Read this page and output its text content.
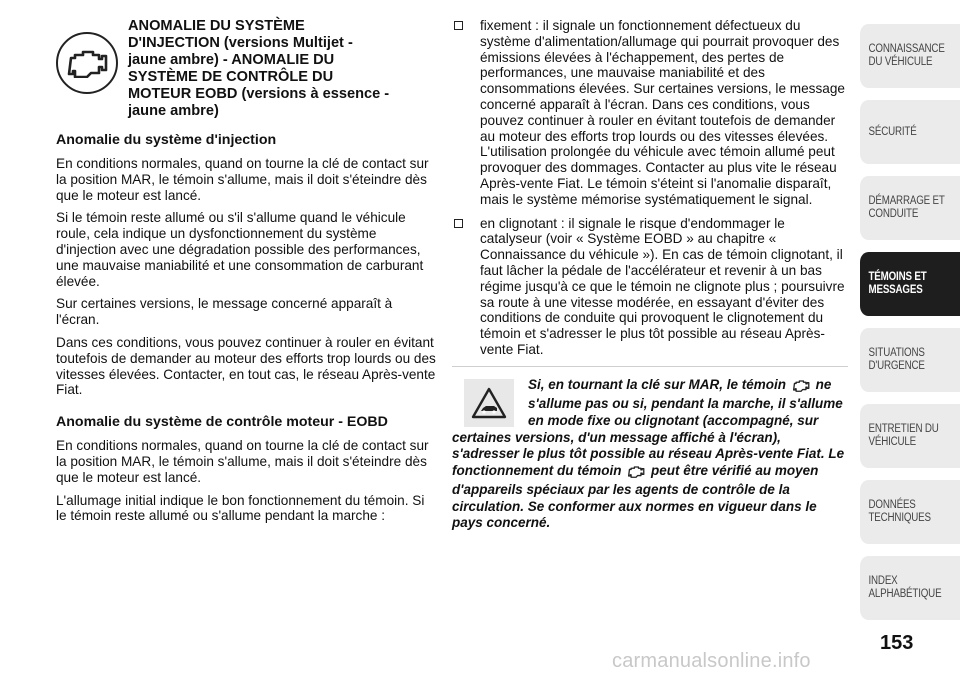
ANOMALIE DU SYSTÈME
D'INJECTION (versions Multijet -
jaune ambre) - ANOMALIE DU
SYSTÈME DE CONTRÔLE DU
MOTEUR EOBD (versions à essence -
jaune ambre)

Anomalie du système d'injection

En conditions normales, quand on tourne la clé de contact sur la position MAR, le témoin s'allume, mais il doit s'éteindre dès que le moteur est lancé.

Si le témoin reste allumé ou s'il s'allume quand le véhicule roule, cela indique un dysfonctionnement du système d'injection avec une dégradation possible des performances, une mauvaise maniabilité et une consommation de carburant élevée.

Sur certaines versions, le message concerné apparaît à l'écran.

Dans ces conditions, vous pouvez continuer à rouler en évitant toutefois de demander au moteur des efforts trop lourds ou des vitesses élevées. Contacter, en tout cas, le réseau Après-vente Fiat.

Anomalie du système de contrôle moteur - EOBD

En conditions normales, quand on tourne la clé de contact sur la position MAR, le témoin s'allume, mais il doit s'éteindre dès que le moteur est lancé.

L'allumage initial indique le bon fonctionnement du témoin. Si le témoin reste allumé ou s'allume pendant la marche :

fixement : il signale un fonctionnement défectueux du système d'alimentation/allumage qui pourrait provoquer des émissions élevées à l'échappement, des pertes de performances, une mauvaise maniabilité et des consommations élevées. Sur certaines versions, le message concerné apparaît à l'écran. Dans ces conditions, vous pouvez continuer à rouler en évitant toutefois de demander au moteur des efforts trop lourds ou des vitesses élevées. L'utilisation prolongée du véhicule avec témoin allumé peut provoquer des dommages. Contacter au plus vite le réseau Après-vente Fiat. Le témoin s'éteint si l'anomalie disparaît, mais le système mémorise systématiquement le signal.
en clignotant : il signale le risque d'endommager le catalyseur (voir « Système EOBD » au chapitre « Connaissance du véhicule »). En cas de témoin clignotant, il faut lâcher la pédale de l'accélérateur et revenir à un bas régime jusqu'à ce que le témoin ne clignote plus ; poursuivre sa route à une vitesse modérée, en essayant d'éviter des conditions de conduite qui provoquent le clignotement du témoin et s'adresser le plus tôt possible au réseau Après-vente Fiat.
Si, en tournant la clé sur MAR, le témoin ne s'allume pas ou si, pendant la marche, il s'allume en mode fixe ou clignotant (accompagné, sur certaines versions, d'un message affiché à l'écran), s'adresser le plus tôt possible au réseau Après-vente Fiat. Le fonctionnement du témoin peut être vérifié au moyen d'appareils spéciaux par les agents de contrôle de la circulation. Se conformer aux normes en vigueur dans le pays concerné.
CONNAISSANCE DU VÉHICULE
SÉCURITÉ
DÉMARRAGE ET CONDUITE
TÉMOINS ET MESSAGES
SITUATIONS D'URGENCE
ENTRETIEN DU VÉHICULE
DONNÉES TECHNIQUES
INDEX ALPHABÉTIQUE
153
carmanualsonline.info
